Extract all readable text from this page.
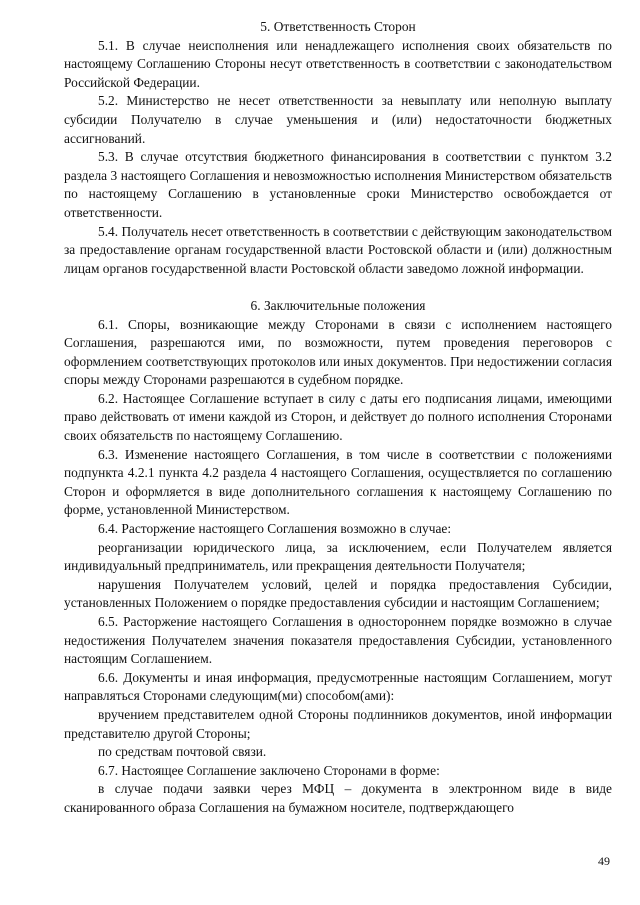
5. Ответственность Сторон

5.1. В случае неисполнения или ненадлежащего исполнения своих обязательств по настоящему Соглашению Стороны несут ответственность в соответствии с законодательством Российской Федерации.

5.2. Министерство не несет ответственности за невыплату или неполную выплату субсидии Получателю в случае уменьшения и (или) недостаточности бюджетных ассигнований.

5.3. В случае отсутствия бюджетного финансирования в соответствии с пунктом 3.2 раздела 3 настоящего Соглашения и невозможностью исполнения Министерством обязательств по настоящему Соглашению в установленные сроки Министерство освобождается от ответственности.

5.4. Получатель несет ответственность в соответствии с действующим законодательством за предоставление органам государственной власти Ростовской области и (или) должностным лицам органов государственной власти Ростовской области заведомо ложной информации.

6. Заключительные положения

6.1. Споры, возникающие между Сторонами в связи с исполнением настоящего Соглашения, разрешаются ими, по возможности, путем проведения переговоров с оформлением соответствующих протоколов или иных документов. При недостижении согласия споры между Сторонами разрешаются в судебном порядке.

6.2. Настоящее Соглашение вступает в силу с даты его подписания лицами, имеющими право действовать от имени каждой из Сторон, и действует до полного исполнения Сторонами своих обязательств по настоящему Соглашению.

6.3. Изменение настоящего Соглашения, в том числе в соответствии с положениями подпункта 4.2.1 пункта 4.2 раздела 4 настоящего Соглашения, осуществляется по соглашению Сторон и оформляется в виде дополнительного соглашения к настоящему Соглашению по форме, установленной Министерством.

6.4. Расторжение настоящего Соглашения возможно в случае:

реорганизации юридического лица, за исключением, если Получателем является индивидуальный предприниматель, или прекращения деятельности Получателя;

нарушения Получателем условий, целей и порядка предоставления Субсидии, установленных Положением о порядке предоставления субсидии и настоящим Соглашением;

6.5. Расторжение настоящего Соглашения в одностороннем порядке возможно в случае недостижения Получателем значения показателя предоставления Субсидии, установленного настоящим Соглашением.

6.6. Документы и иная информация, предусмотренные настоящим Соглашением, могут направляться Сторонами следующим(ми) способом(ами):

вручением представителем одной Стороны подлинников документов, иной информации представителю другой Стороны;

по средствам почтовой связи.

6.7. Настоящее Соглашение заключено Сторонами в форме:

в случае подачи заявки через МФЦ – документа в электронном виде в виде сканированного образа Соглашения на бумажном носителе, подтверждающего

49
